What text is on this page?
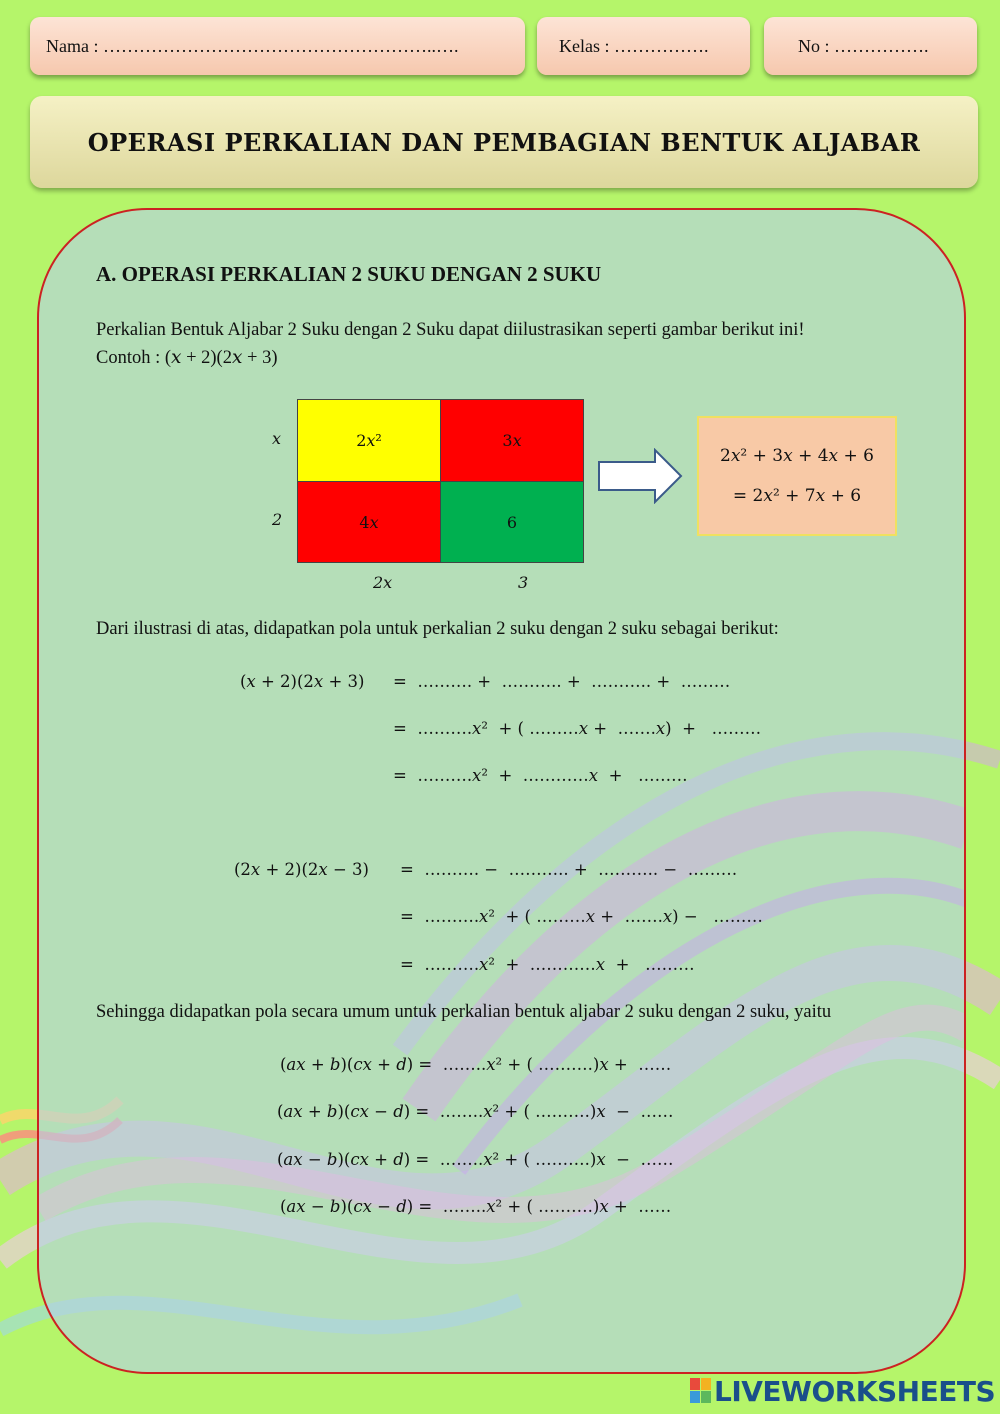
Nama : ………………………………………………..….	Kelas : …………….	No : …………….
OPERASI PERKALIAN DAN PEMBAGIAN BENTUK ALJABAR
A. OPERASI PERKALIAN 2 SUKU DENGAN 2 SUKU
Perkalian Bentuk Aljabar 2 Suku dengan 2 Suku dapat diilustrasikan seperti gambar berikut ini!
Contoh : (𝑥 + 2)(2𝑥 + 3)
𝑥
2
2𝑥²	3𝑥
4𝑥	6
2𝑥	3
2𝑥² + 3𝑥 + 4𝑥 + 6
= 2𝑥² + 7𝑥 + 6
Dari ilustrasi di atas, didapatkan pola untuk perkalian 2 suku dengan 2 suku sebagai berikut:
(𝑥 + 2)(2𝑥 + 3) =  ………. +  ……….. +  ……….. +  ………
=  ……….𝑥²  + ( ………𝑥 +  …….𝑥)  +   ………
=  ……….𝑥²  +  …………𝑥  +   ………
(2𝑥 + 2)(2𝑥 − 3) =  ………. −  ……….. +  ……….. −  ………
=  ……….𝑥²  + ( ………𝑥 +  …….𝑥) −   ………
=  ……….𝑥²  +  …………𝑥  +   ………
Sehingga didapatkan pola secara umum untuk perkalian bentuk aljabar 2 suku dengan 2 suku, yaitu
(𝑎𝑥 + 𝑏)(𝑐𝑥 + 𝑑) =  ……..𝑥² + ( ……….)𝑥 +  ……
(𝑎𝑥 + 𝑏)(𝑐𝑥 − 𝑑) =  ……..𝑥² + ( ……….)𝑥  −  ……
(𝑎𝑥 − 𝑏)(𝑐𝑥 + 𝑑) =  ……..𝑥² + ( ……….)𝑥  −  ……
(𝑎𝑥 − 𝑏)(𝑐𝑥 − 𝑑) =  ……..𝑥² + ( ……….)𝑥 +  ……
LIVEWORKSHEETS
